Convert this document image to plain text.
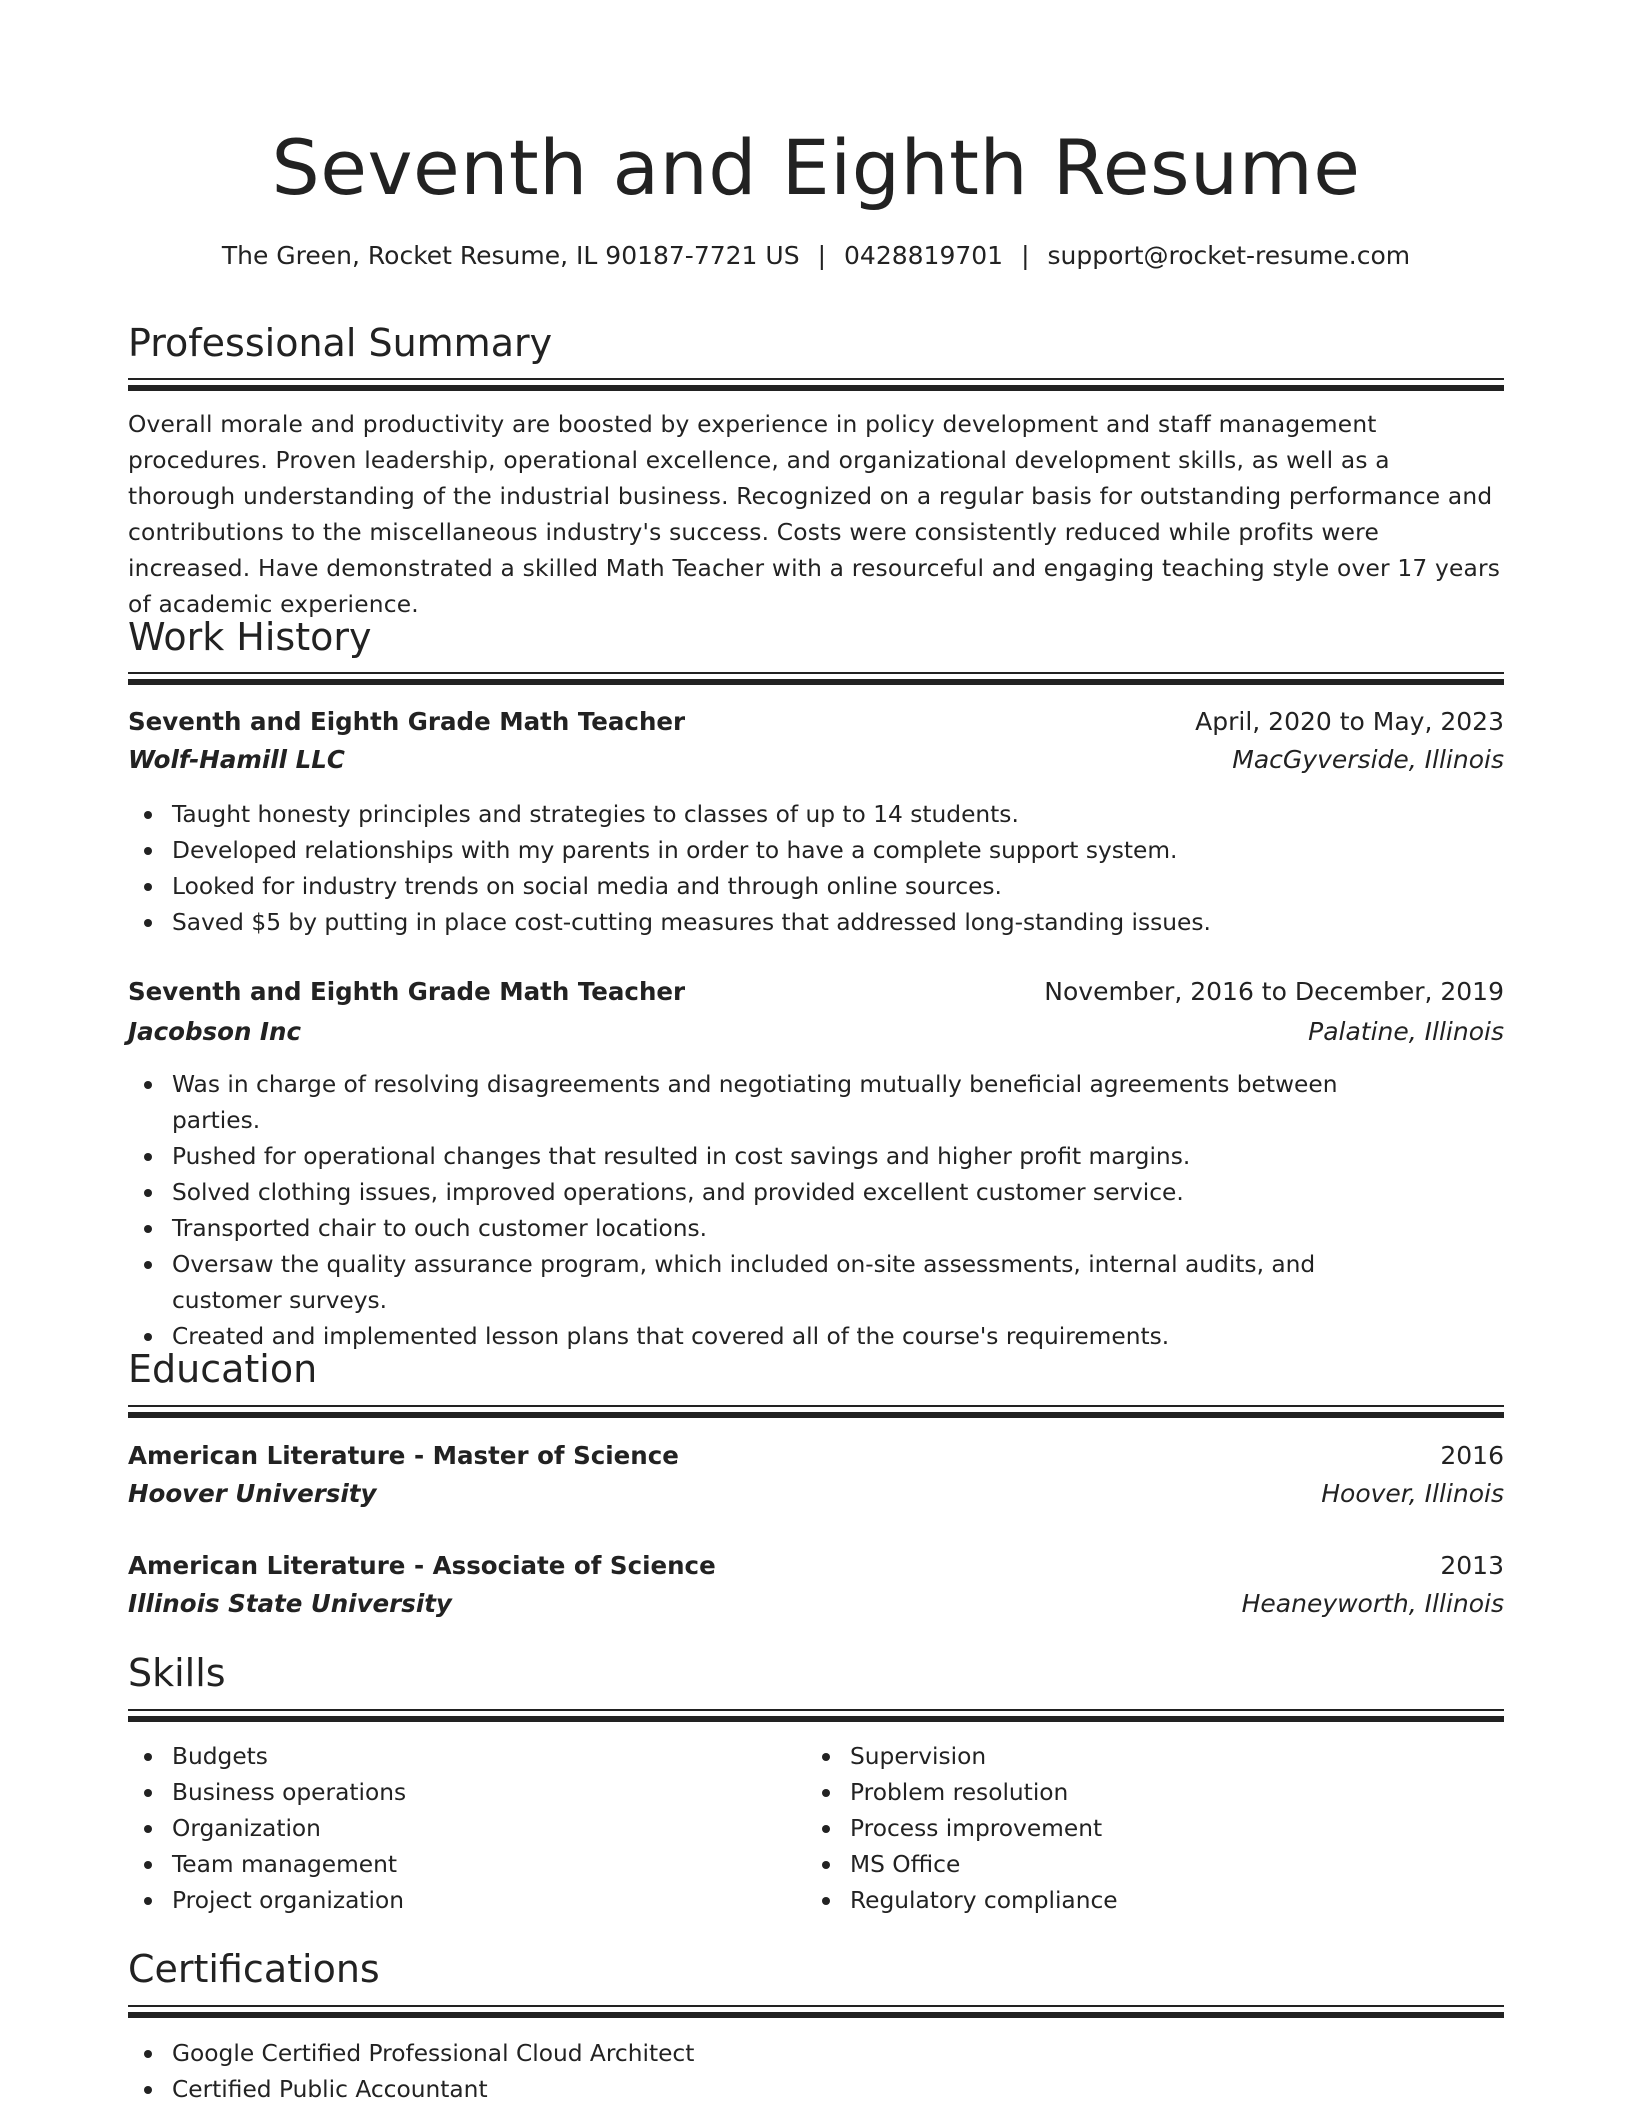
Seventh and Eighth Resume
The Green, Rocket Resume, IL 90187-7721 US | 0428819701 | support@rocket-resume.com
Professional Summary

Overall morale and productivity are boosted by experience in policy development and staff management procedures. Proven leadership, operational excellence, and organizational development skills, as well as a thorough understanding of the industrial business. Recognized on a regular basis for outstanding performance and contributions to the miscellaneous industry's success. Costs were consistently reduced while profits were increased. Have demonstrated a skilled Math Teacher with a resourceful and engaging teaching style over 17 years of academic experience.

Work History
Seventh and Eighth Grade Math Teacher	April, 2020 to May, 2023
Wolf-Hamill LLC	MacGyverside, Illinois
Taught honesty principles and strategies to classes of up to 14 students.
Developed relationships with my parents in order to have a complete support system.
Looked for industry trends on social media and through online sources.
Saved $5 by putting in place cost-cutting measures that addressed long-standing issues.
Seventh and Eighth Grade Math Teacher	November, 2016 to December, 2019
Jacobson Inc	Palatine, Illinois
Was in charge of resolving disagreements and negotiating mutually beneficial agreements between parties.
Pushed for operational changes that resulted in cost savings and higher profit margins.
Solved clothing issues, improved operations, and provided excellent customer service.
Transported chair to ouch customer locations.
Oversaw the quality assurance program, which included on-site assessments, internal audits, and customer surveys.
Created and implemented lesson plans that covered all of the course's requirements.
Education
American Literature - Master of Science	2016
Hoover University	Hoover, Illinois
American Literature - Associate of Science	2013
Illinois State University	Heaneyworth, Illinois
Skills
Budgets
Business operations
Organization
Team management
Project organization
Supervision
Problem resolution
Process improvement
MS Office
Regulatory compliance
Certifications
Google Certified Professional Cloud Architect
Certified Public Accountant
